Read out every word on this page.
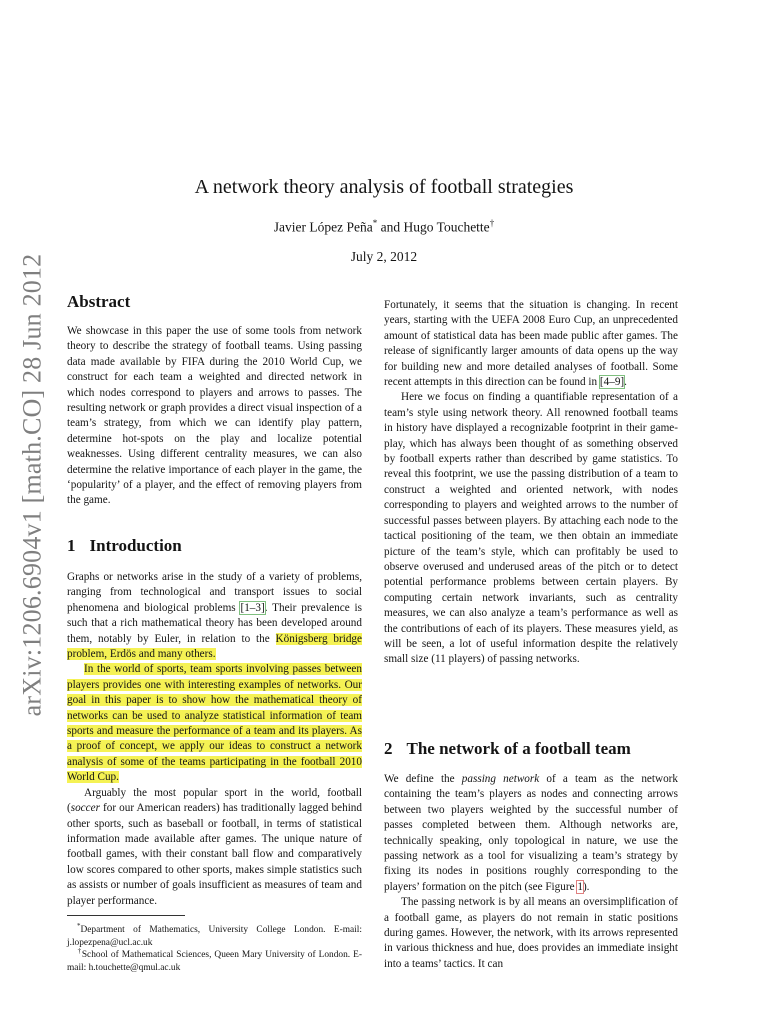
arXiv:1206.6904v1 [math.CO] 28 Jun 2012
A network theory analysis of football strategies
Javier López Peña* and Hugo Touchette†
July 2, 2012
Abstract

We showcase in this paper the use of some tools from network theory to describe the strategy of football teams. Using passing data made available by FIFA during the 2010 World Cup, we construct for each team a weighted and directed network in which nodes correspond to players and arrows to passes. The resulting network or graph provides a direct visual inspection of a team’s strategy, from which we can identify play pattern, determine hot-spots on the play and localize potential weaknesses. Using different centrality measures, we can also determine the relative importance of each player in the game, the ‘popularity’ of a player, and the effect of removing players from the game.

1 Introduction

Graphs or networks arise in the study of a variety of problems, ranging from technological and transport issues to social phenomena and biological problems [1–3]. Their prevalence is such that a rich mathematical theory has been developed around them, notably by Euler, in relation to the Königsberg bridge problem, Erdös and many others.

In the world of sports, team sports involving passes between players provides one with interesting examples of networks. Our goal in this paper is to show how the mathematical theory of networks can be used to analyze statistical information of team sports and measure the performance of a team and its players. As a proof of concept, we apply our ideas to construct a network analysis of some of the teams participating in the football 2010 World Cup.

Arguably the most popular sport in the world, football (soccer for our American readers) has traditionally lagged behind other sports, such as baseball or football, in terms of statistical information made available after games. The unique nature of football games, with their constant ball flow and comparatively low scores compared to other sports, makes simple statistics such as assists or number of goals insufficient as measures of team and player performance.

*Department of Mathematics, University College London. E-mail: j.lopezpena@ucl.ac.uk
†School of Mathematical Sciences, Queen Mary University of London. E-mail: h.touchette@qmul.ac.uk

Fortunately, it seems that the situation is changing. In recent years, starting with the UEFA 2008 Euro Cup, an unprecedented amount of statistical data has been made public after games. The release of significantly larger amounts of data opens up the way for building new and more detailed analyses of football. Some recent attempts in this direction can be found in [4–9].

Here we focus on finding a quantifiable representation of a team’s style using network theory. All renowned football teams in history have displayed a recognizable footprint in their game-play, which has always been thought of as something observed by football experts rather than described by game statistics. To reveal this footprint, we use the passing distribution of a team to construct a weighted and oriented network, with nodes corresponding to players and weighted arrows to the number of successful passes between players. By attaching each node to the tactical positioning of the team, we then obtain an immediate picture of the team’s style, which can profitably be used to observe overused and underused areas of the pitch or to detect potential performance problems between certain players. By computing certain network invariants, such as centrality measures, we can also analyze a team’s performance as well as the contributions of each of its players. These measures yield, as will be seen, a lot of useful information despite the relatively small size (11 players) of passing networks.

2 The network of a football team

We define the passing network of a team as the network containing the team’s players as nodes and connecting arrows between two players weighted by the successful number of passes completed between them. Although networks are, technically speaking, only topological in nature, we use the passing network as a tool for visualizing a team’s strategy by fixing its nodes in positions roughly corresponding to the players’ formation on the pitch (see Figure 1).

The passing network is by all means an oversimplification of a football game, as players do not remain in static positions during games. However, the network, with its arrows represented in various thickness and hue, does provides an immediate insight into a teams’ tactics. It can
